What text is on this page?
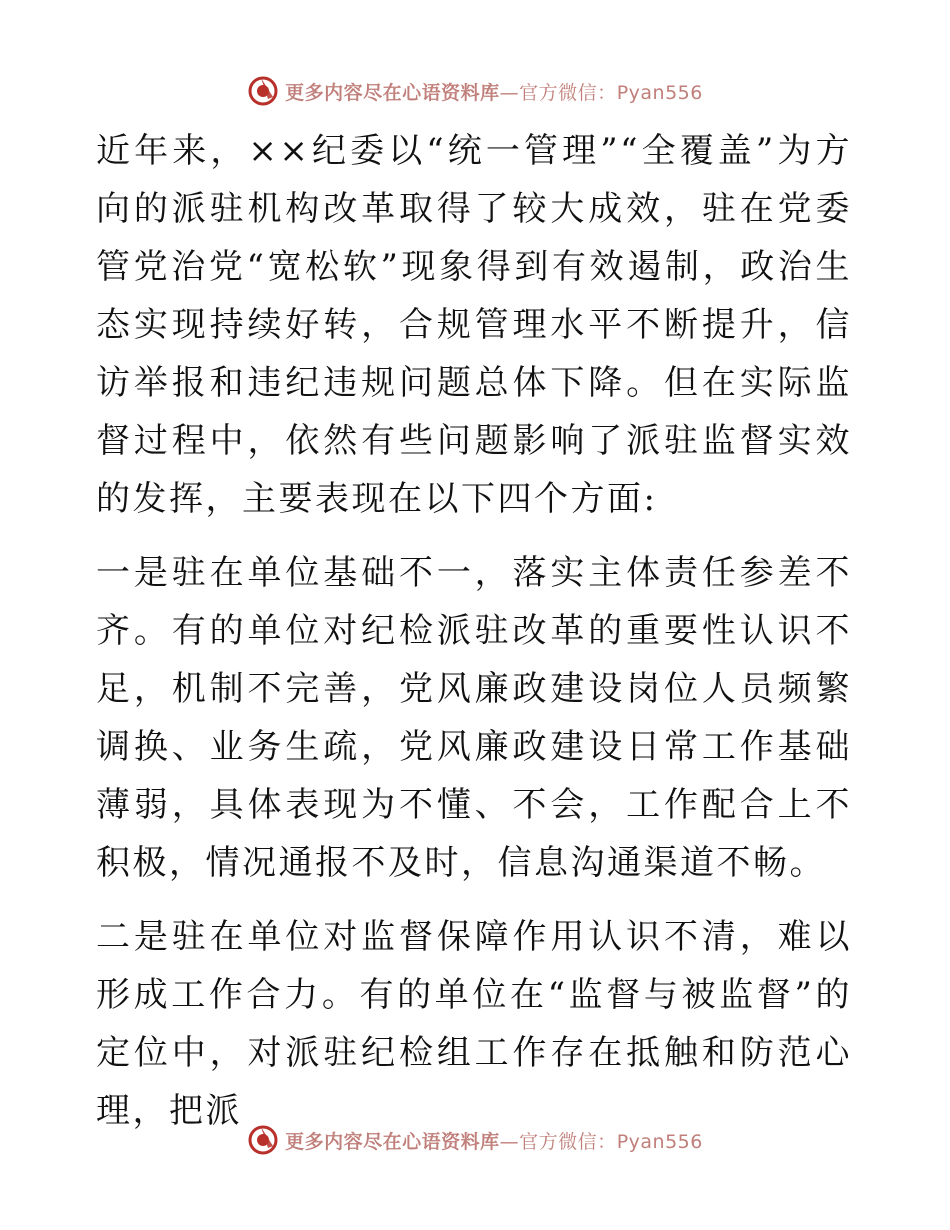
更多内容尽在心语资料库—官方微信：Pyan556

近年来，××纪委以“统一管理”“全覆盖”为方向的派驻机构改革取得了较大成效，驻在党委管党治党“宽松软”现象得到有效遏制，政治生态实现持续好转，合规管理水平不断提升，信访举报和违纪违规问题总体下降。但在实际监督过程中，依然有些问题影响了派驻监督实效的发挥，主要表现在以下四个方面:

一是驻在单位基础不一，落实主体责任参差不齐。有的单位对纪检派驻改革的重要性认识不足，机制不完善，党风廉政建设岗位人员频繁调换、业务生疏，党风廉政建设日常工作基础薄弱，具体表现为不懂、不会，工作配合上不积极，情况通报不及时，信息沟通渠道不畅。

二是驻在单位对监督保障作用认识不清，难以形成工作合力。有的单位在“监督与被监督”的定位中，对派驻纪检组工作存在抵触和防范心理，把派

更多内容尽在心语资料库—官方微信：Pyan556
